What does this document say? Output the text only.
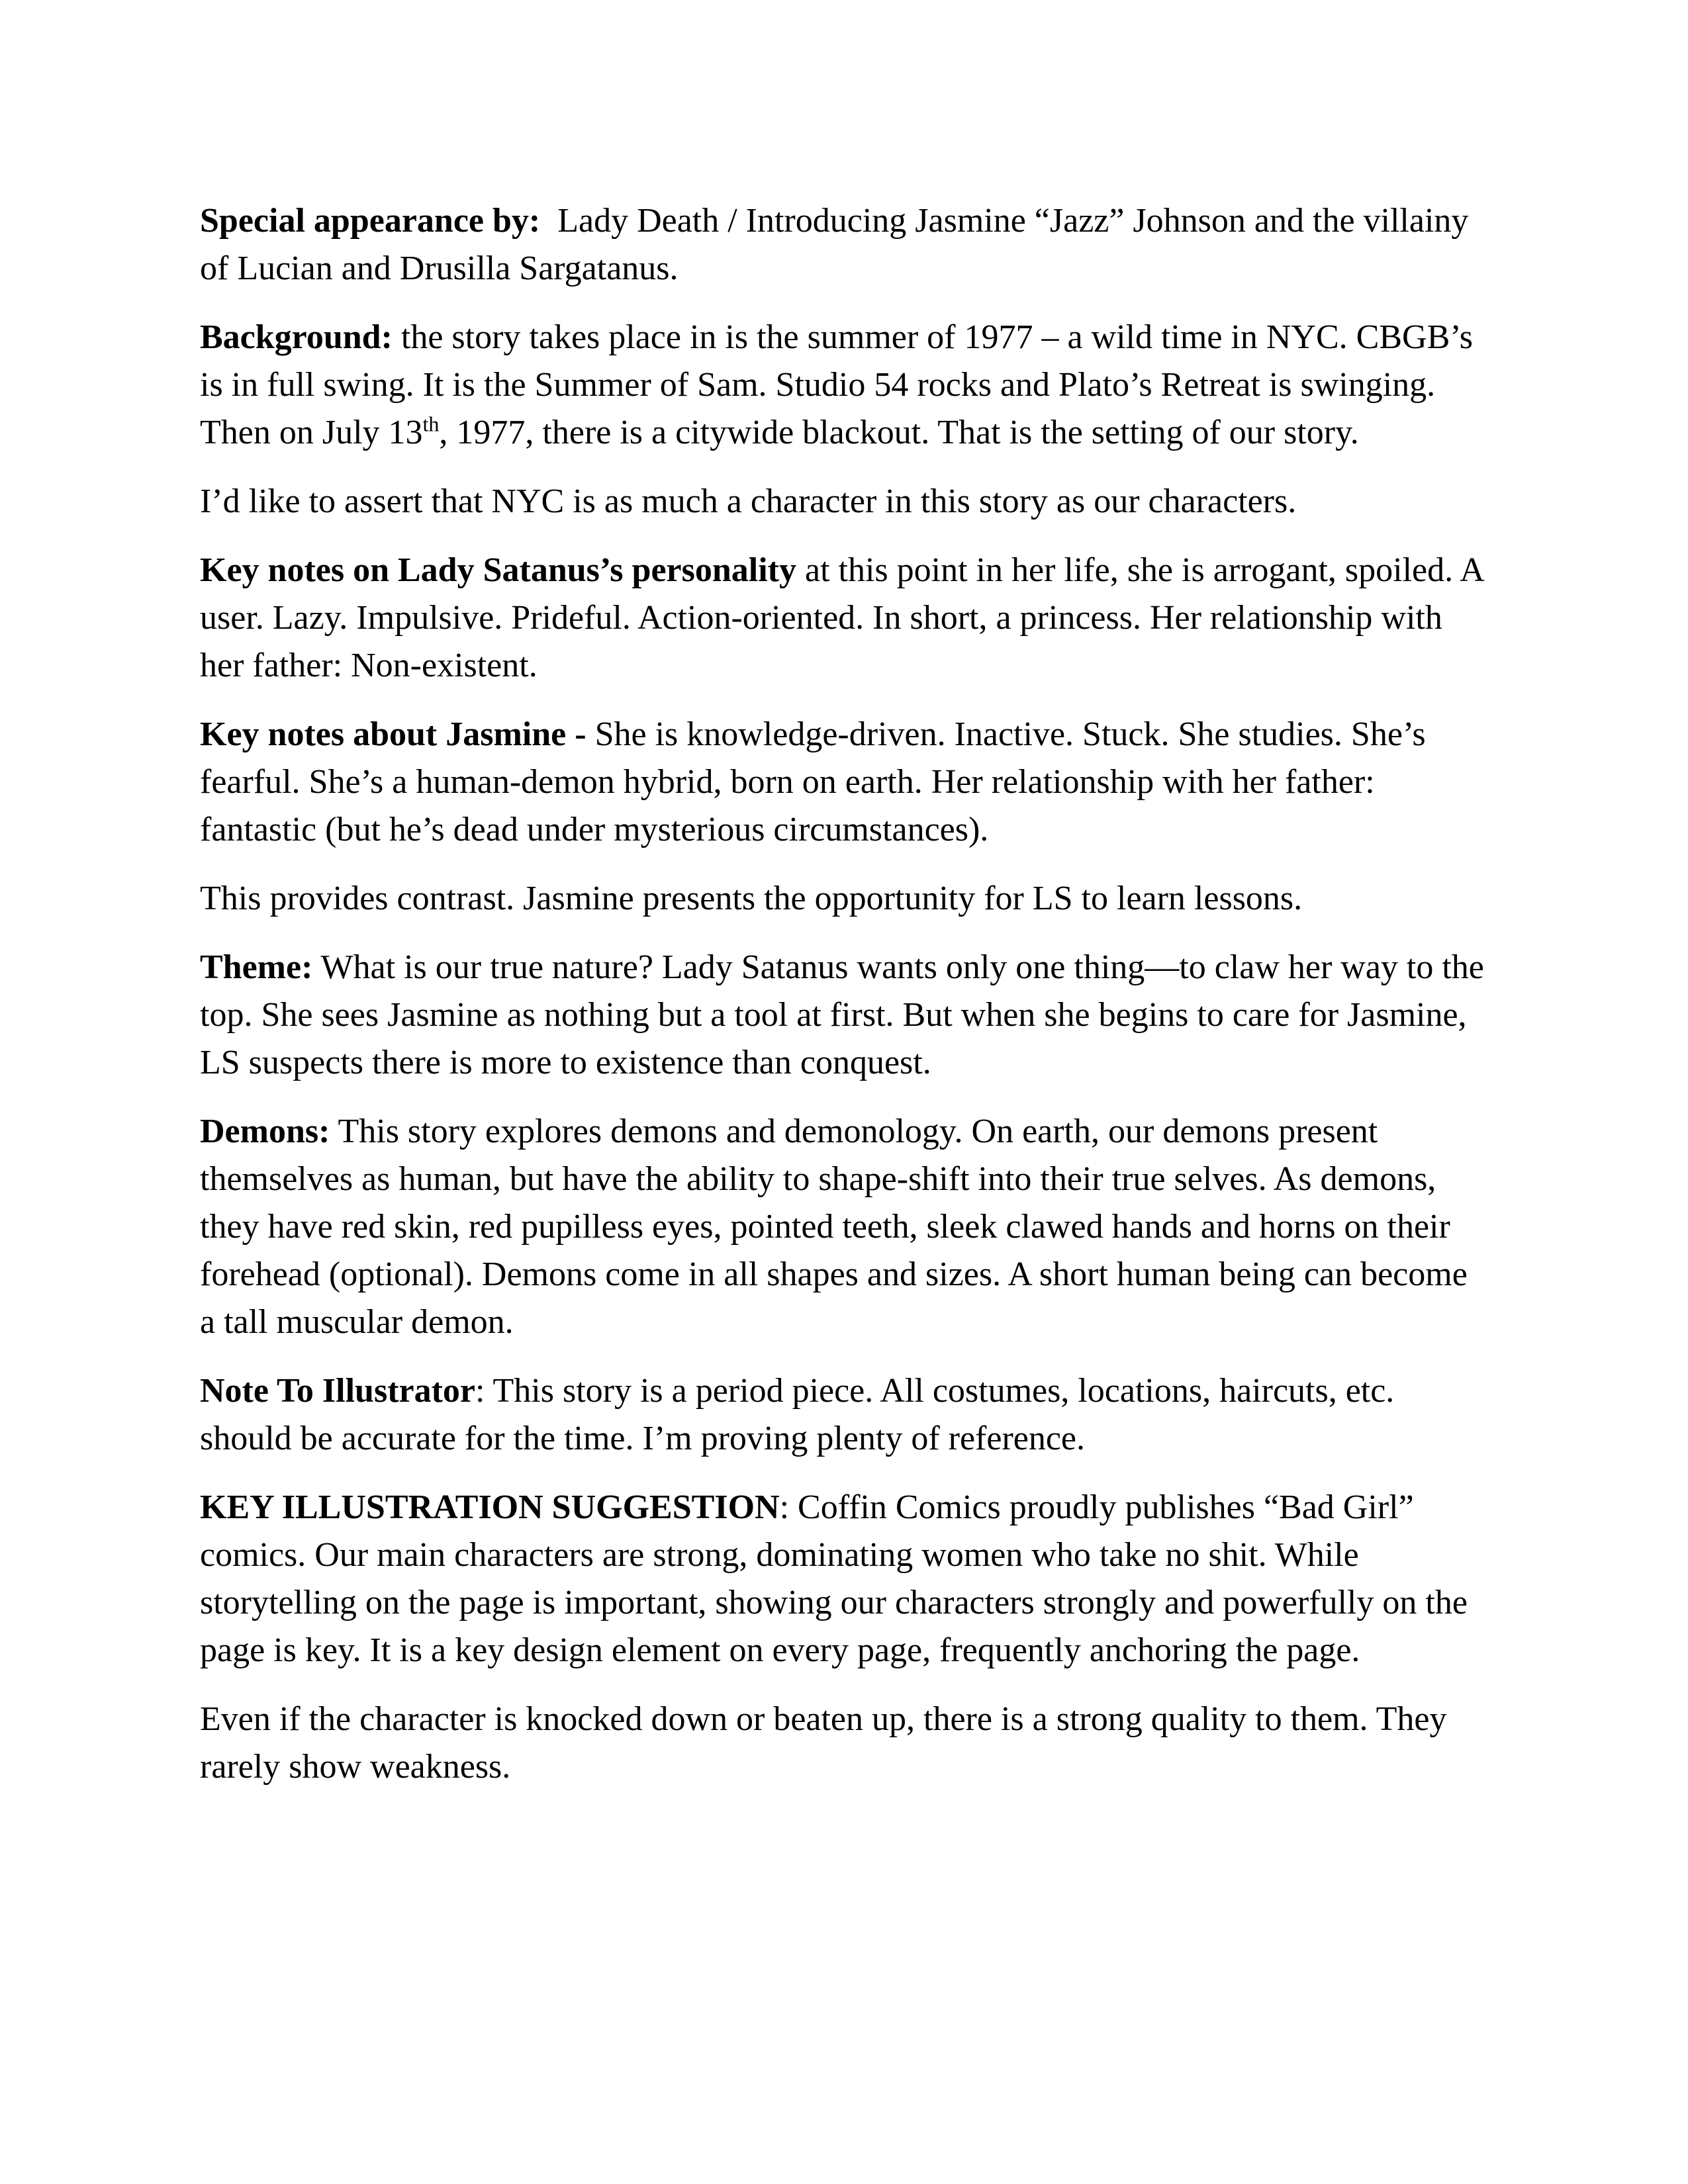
Special appearance by:  Lady Death / Introducing Jasmine “Jazz” Johnson and the villainy of Lucian and Drusilla Sargatanus.

Background: the story takes place in is the summer of 1977 – a wild time in NYC. CBGB’s is in full swing. It is the Summer of Sam. Studio 54 rocks and Plato’s Retreat is swinging. Then on July 13th, 1977, there is a citywide blackout. That is the setting of our story.

I’d like to assert that NYC is as much a character in this story as our characters.

Key notes on Lady Satanus’s personality at this point in her life, she is arrogant, spoiled. A user. Lazy. Impulsive. Prideful. Action-oriented. In short, a princess. Her relationship with her father: Non-existent.

Key notes about Jasmine - She is knowledge-driven. Inactive. Stuck. She studies. She’s fearful. She’s a human-demon hybrid, born on earth. Her relationship with her father: fantastic (but he’s dead under mysterious circumstances).

This provides contrast. Jasmine presents the opportunity for LS to learn lessons.

Theme: What is our true nature? Lady Satanus wants only one thing—to claw her way to the top. She sees Jasmine as nothing but a tool at first. But when she begins to care for Jasmine, LS suspects there is more to existence than conquest.

Demons: This story explores demons and demonology. On earth, our demons present themselves as human, but have the ability to shape-shift into their true selves. As demons, they have red skin, red pupilless eyes, pointed teeth, sleek clawed hands and horns on their forehead (optional). Demons come in all shapes and sizes. A short human being can become a tall muscular demon.

Note To Illustrator: This story is a period piece. All costumes, locations, haircuts, etc. should be accurate for the time. I’m proving plenty of reference.

KEY ILLUSTRATION SUGGESTION: Coffin Comics proudly publishes “Bad Girl” comics. Our main characters are strong, dominating women who take no shit. While storytelling on the page is important, showing our characters strongly and powerfully on the page is key. It is a key design element on every page, frequently anchoring the page.

Even if the character is knocked down or beaten up, there is a strong quality to them. They rarely show weakness.
